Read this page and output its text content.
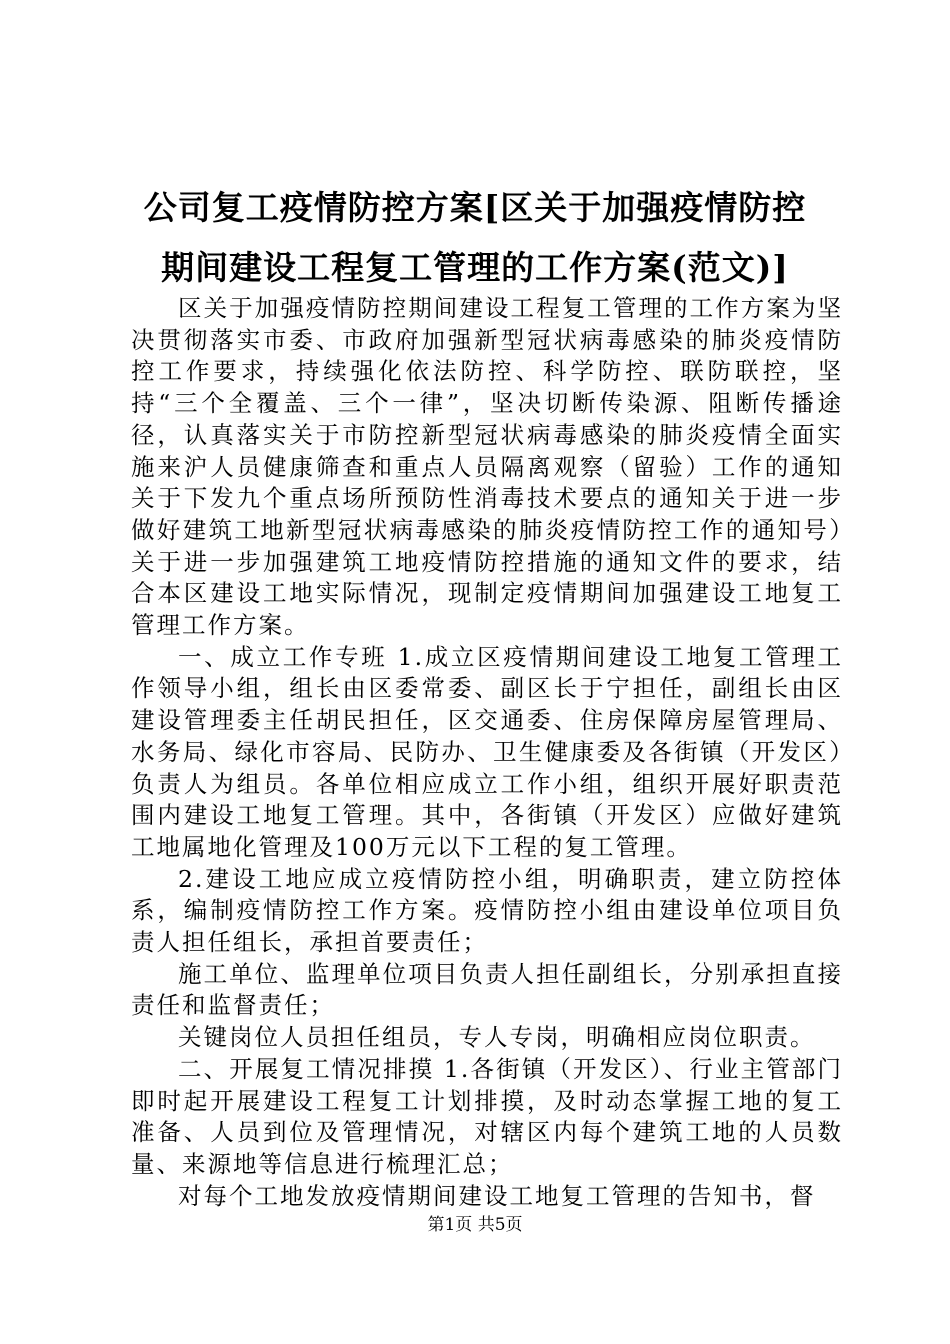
公司复工疫情防控方案[区关于加强疫情防控
期间建设工程复工管理的工作方案(范文)]

区关于加强疫情防控期间建设工程复工管理的工作方案为坚决贯彻落实市委、市政府加强新型冠状病毒感染的肺炎疫情防控工作要求，持续强化依法防控、科学防控、联防联控，坚持“三个全覆盖、三个一律”，坚决切断传染源、阻断传播途径，认真落实关于市防控新型冠状病毒感染的肺炎疫情全面实施来沪人员健康筛查和重点人员隔离观察（留验）工作的通知关于下发九个重点场所预防性消毒技术要点的通知关于进一步做好建筑工地新型冠状病毒感染的肺炎疫情防控工作的通知号）关于进一步加强建筑工地疫情防控措施的通知文件的要求，结合本区建设工地实际情况，现制定疫情期间加强建设工地复工管理工作方案。

一、成立工作专班 1.成立区疫情期间建设工地复工管理工作领导小组，组长由区委常委、副区长于宁担任，副组长由区建设管理委主任胡民担任，区交通委、住房保障房屋管理局、水务局、绿化市容局、民防办、卫生健康委及各街镇（开发区）负责人为组员。各单位相应成立工作小组，组织开展好职责范围内建设工地复工管理。其中，各街镇（开发区）应做好建筑工地属地化管理及100万元以下工程的复工管理。

2.建设工地应成立疫情防控小组，明确职责，建立防控体系，编制疫情防控工作方案。疫情防控小组由建设单位项目负责人担任组长，承担首要责任；

施工单位、监理单位项目负责人担任副组长，分别承担直接责任和监督责任；

关键岗位人员担任组员，专人专岗，明确相应岗位职责。

二、开展复工情况排摸 1.各街镇（开发区）、行业主管部门即时起开展建设工程复工计划排摸，及时动态掌握工地的复工准备、人员到位及管理情况，对辖区内每个建筑工地的人员数量、来源地等信息进行梳理汇总；

对每个工地发放疫情期间建设工地复工管理的告知书，督

第1页 共5页
